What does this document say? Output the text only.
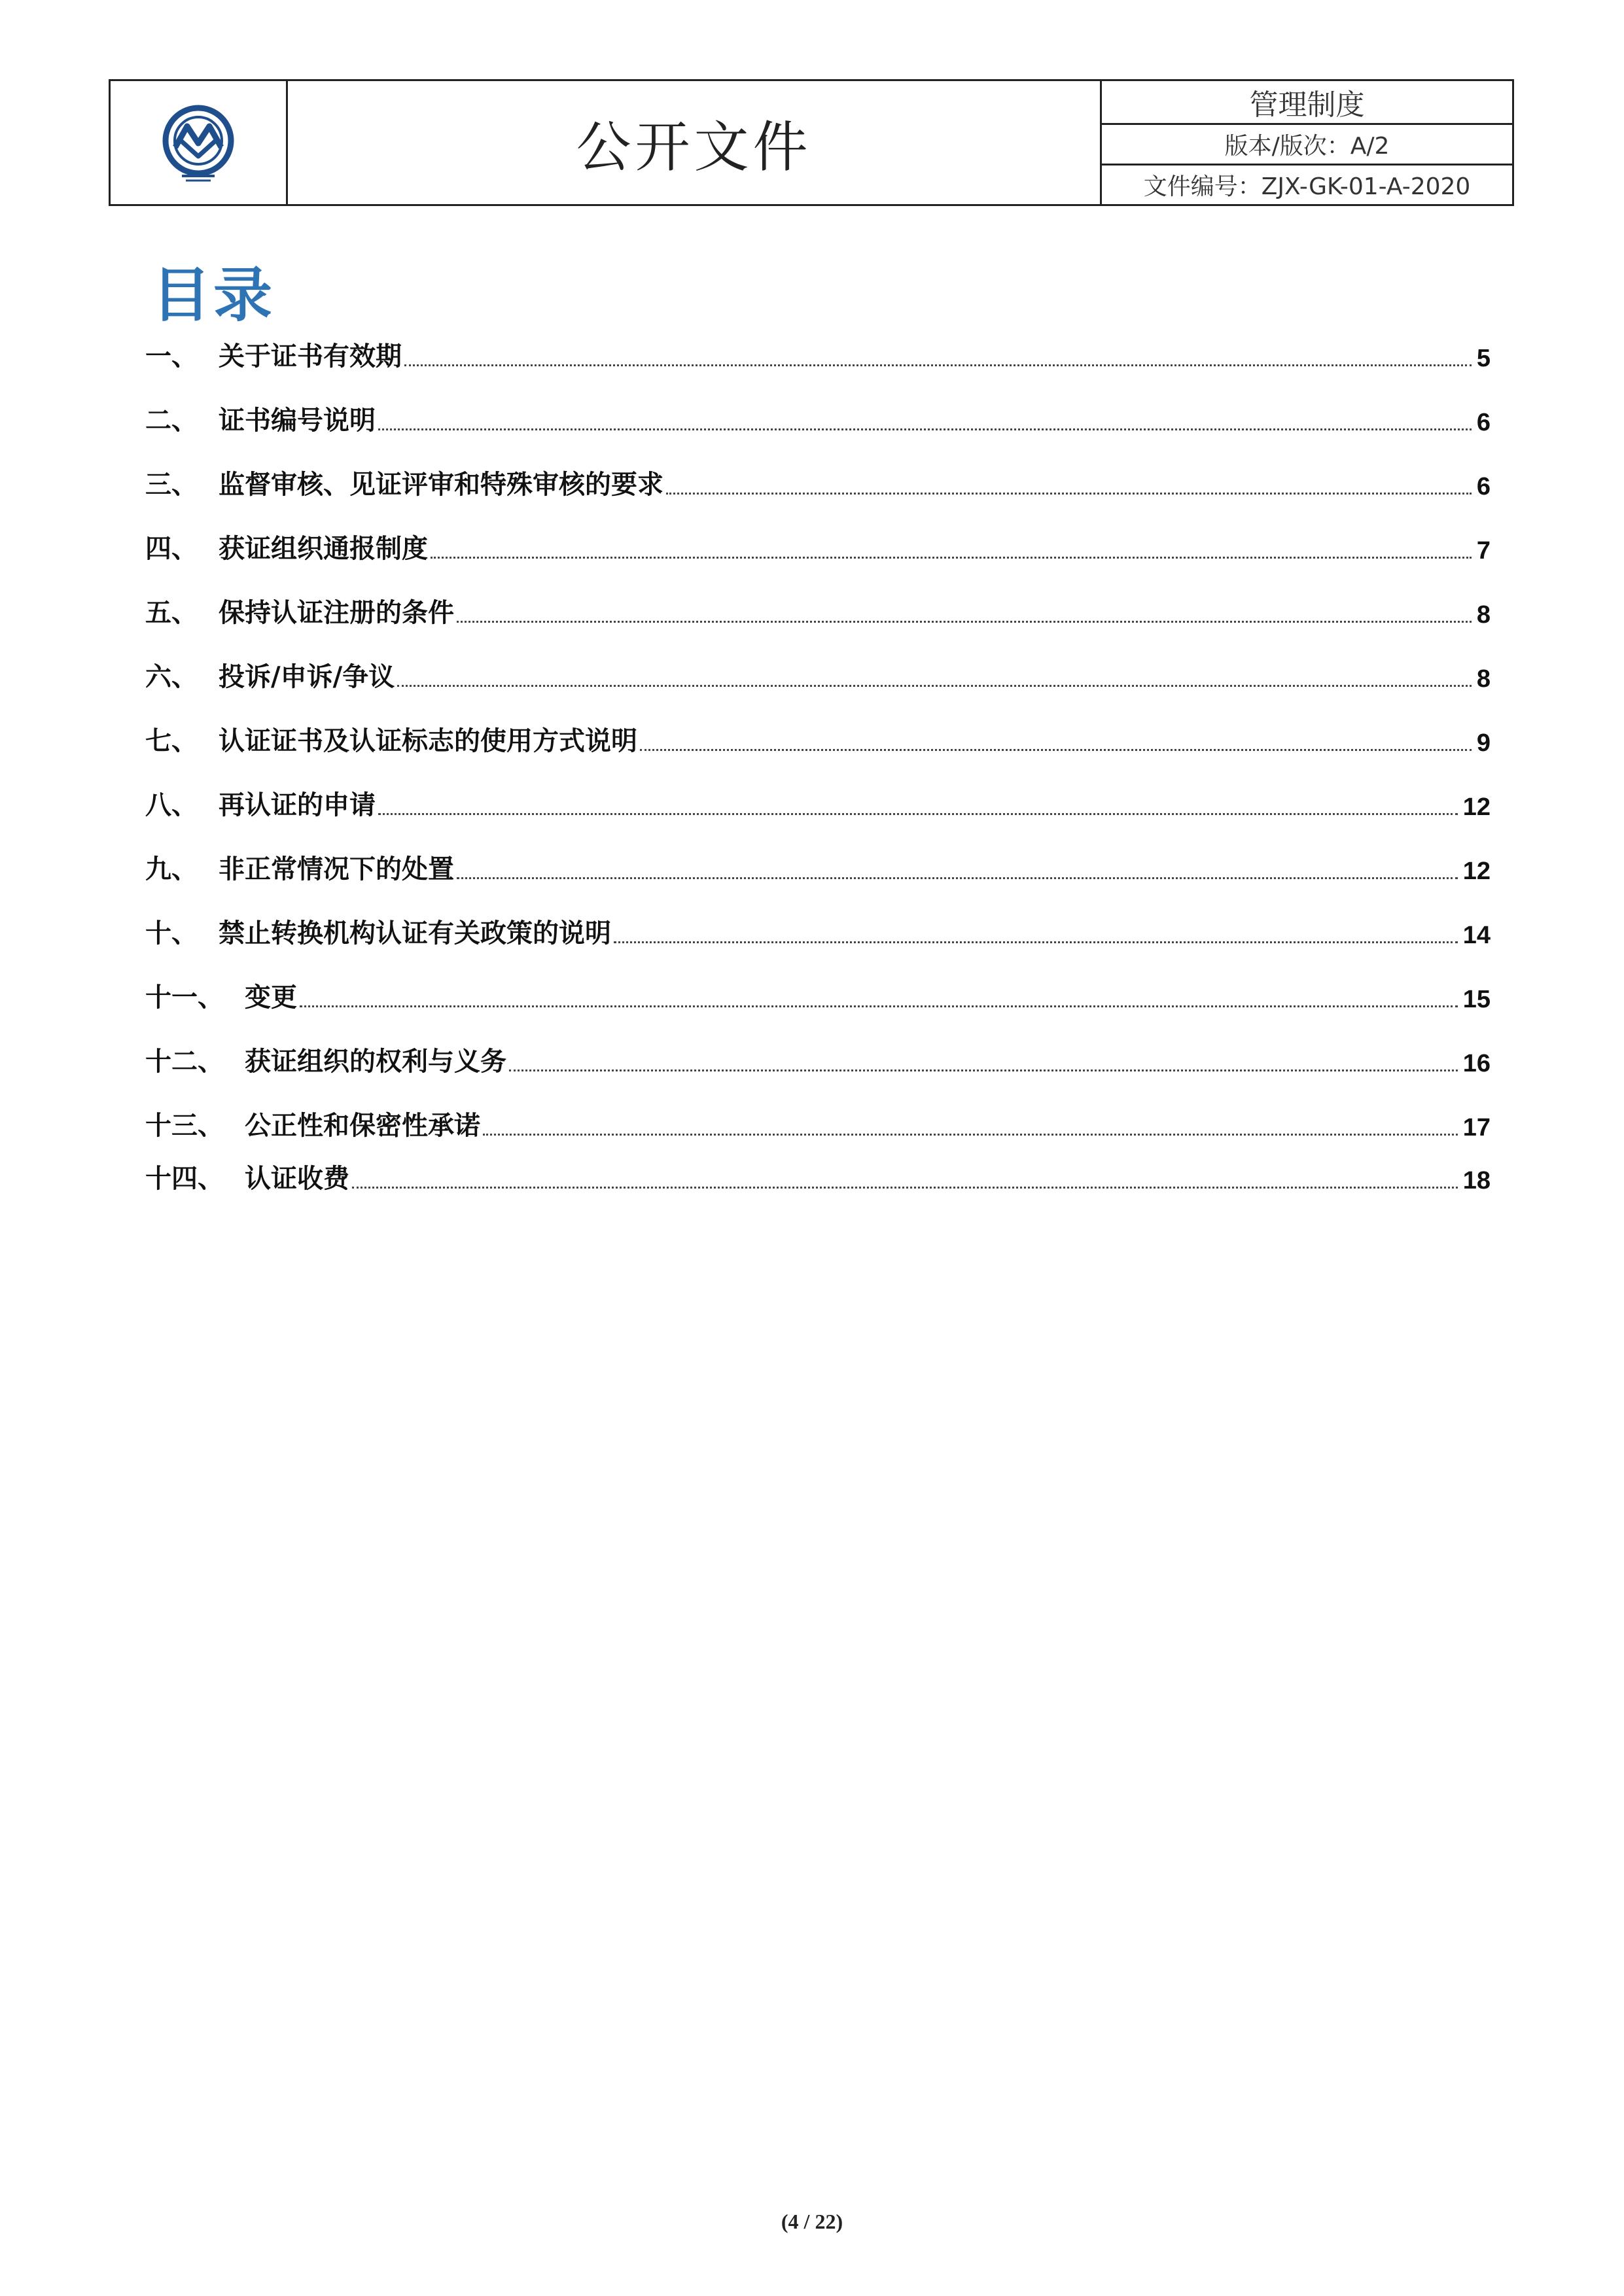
公开文件
管理制度
版本/版次：A/2
文件编号：ZJX-GK-01-A-2020
目录
一、 关于证书有效期	5
二、 证书编号说明	6
三、 监督审核、见证评审和特殊审核的要求	6
四、 获证组织通报制度	7
五、 保持认证注册的条件	8
六、 投诉/申诉/争议	8
七、 认证证书及认证标志的使用方式说明	9
八、 再认证的申请	12
九、 非正常情况下的处置	12
十、 禁止转换机构认证有关政策的说明	14
十一、 变更	15
十二、 获证组织的权利与义务	16
十三、 公正性和保密性承诺	17
十四、 认证收费	18
(4 / 22)
